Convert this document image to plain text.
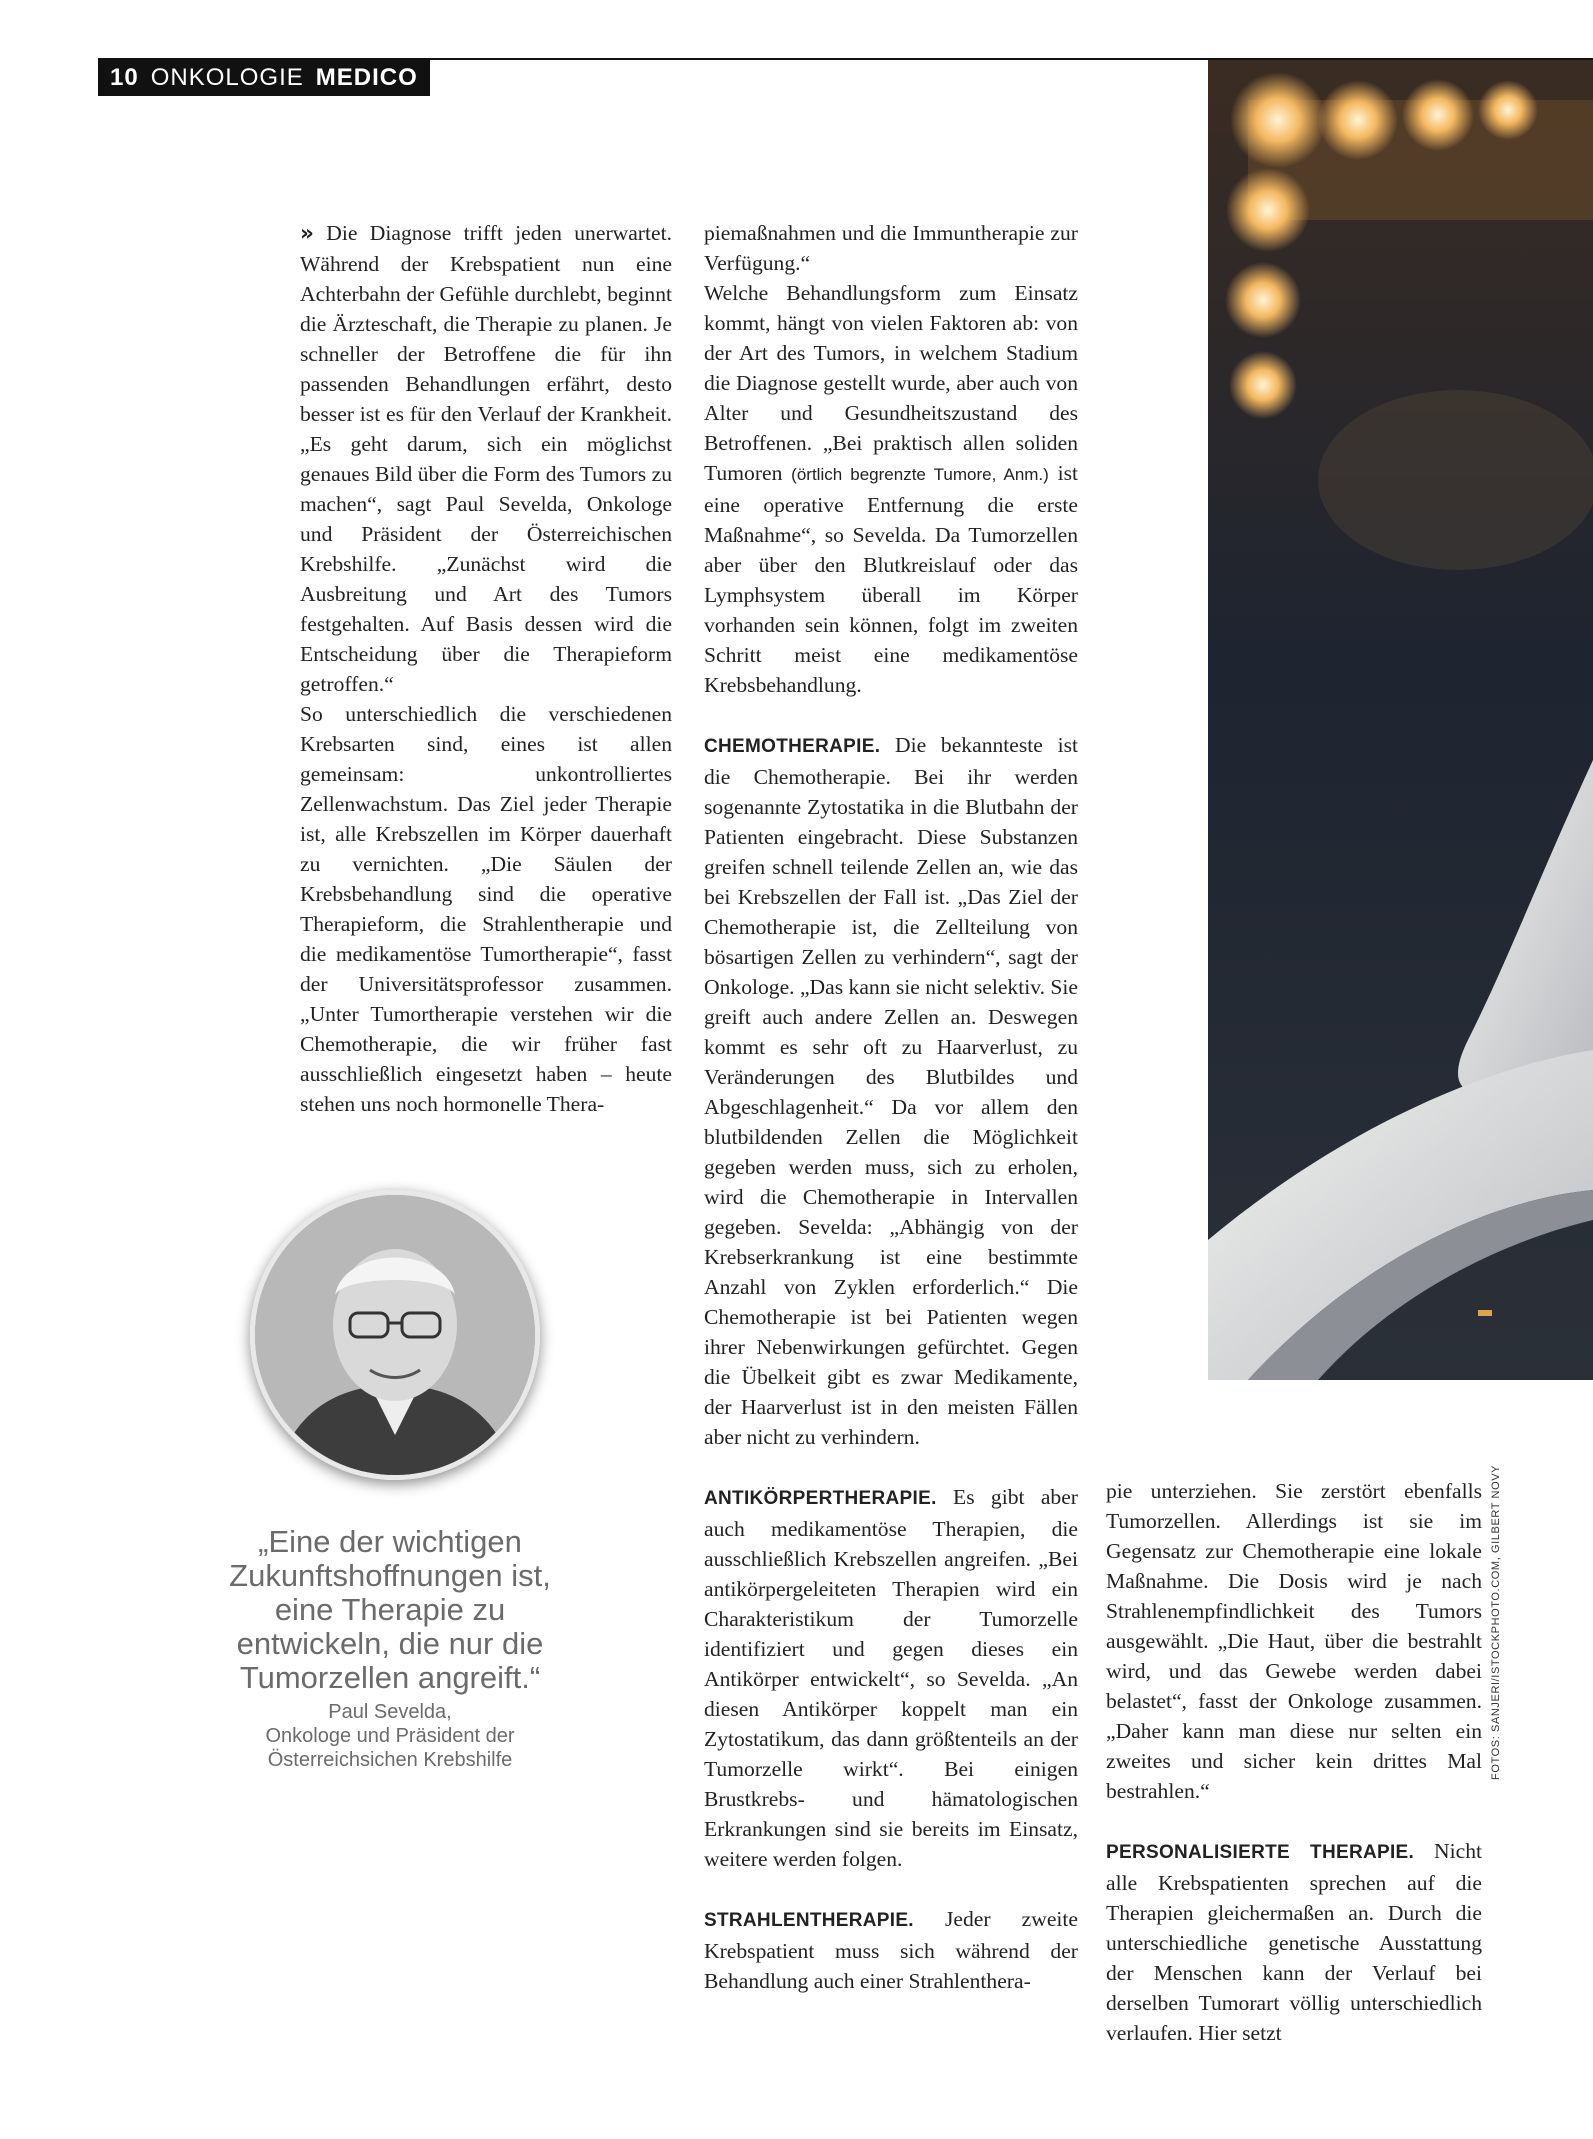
10 ONKOLOGIE MEDICO

» Die Diagnose trifft jeden unerwartet. Während der Krebspatient nun eine Achterbahn der Gefühle durchlebt, beginnt die Ärzteschaft, die Therapie zu planen. Je schneller der Betroffene die für ihn passenden Behandlungen erfährt, desto besser ist es für den Verlauf der Krankheit. „Es geht darum, sich ein möglichst genaues Bild über die Form des Tumors zu machen“, sagt Paul Sevelda, Onkologe und Präsident der Österreichischen Krebshilfe. „Zunächst wird die Ausbreitung und Art des Tumors festgehalten. Auf Basis dessen wird die Entscheidung über die Therapieform getroffen.“

So unterschiedlich die verschiedenen Krebsarten sind, eines ist allen gemeinsam: unkontrolliertes Zellenwachstum. Das Ziel jeder Therapie ist, alle Krebszellen im Körper dauerhaft zu vernichten. „Die Säulen der Krebsbehandlung sind die operative Therapieform, die Strahlentherapie und die medikamentöse Tumortherapie“, fasst der Universitätsprofessor zusammen. „Unter Tumortherapie verstehen wir die Chemotherapie, die wir früher fast ausschließlich eingesetzt haben – heute stehen uns noch hormonelle Thera-

„Eine der wichtigen Zukunftshoffnungen ist, eine Therapie zu entwickeln, die nur die Tumorzellen angreift.“
Paul Sevelda,
Onkologe und Präsident der Österreichsichen Krebshilfe

piemaßnahmen und die Immuntherapie zur Verfügung.“

Welche Behandlungsform zum Einsatz kommt, hängt von vielen Faktoren ab: von der Art des Tumors, in welchem Stadium die Diagnose gestellt wurde, aber auch von Alter und Gesundheitszustand des Betroffenen. „Bei praktisch allen soliden Tumoren (örtlich begrenzte Tumore, Anm.) ist eine operative Entfernung die erste Maßnahme“, so Sevelda. Da Tumorzellen aber über den Blutkreislauf oder das Lymphsystem überall im Körper vorhanden sein können, folgt im zweiten Schritt meist eine medikamentöse Krebsbehandlung.

CHEMOTHERAPIE. Die bekannteste ist die Chemotherapie. Bei ihr werden sogenannte Zytostatika in die Blutbahn der Patienten eingebracht. Diese Substanzen greifen schnell teilende Zellen an, wie das bei Krebszellen der Fall ist. „Das Ziel der Chemotherapie ist, die Zellteilung von bösartigen Zellen zu verhindern“, sagt der Onkologe. „Das kann sie nicht selektiv. Sie greift auch andere Zellen an. Deswegen kommt es sehr oft zu Haarverlust, zu Veränderungen des Blutbildes und Abgeschlagenheit.“ Da vor allem den blutbildenden Zellen die Möglichkeit gegeben werden muss, sich zu erholen, wird die Chemotherapie in Intervallen gegeben. Sevelda: „Abhängig von der Krebserkrankung ist eine bestimmte Anzahl von Zyklen erforderlich.“ Die Chemotherapie ist bei Patienten wegen ihrer Nebenwirkungen gefürchtet. Gegen die Übelkeit gibt es zwar Medikamente, der Haarverlust ist in den meisten Fällen aber nicht zu verhindern.

ANTIKÖRPERTHERAPIE. Es gibt aber auch medikamentöse Therapien, die ausschließlich Krebszellen angreifen. „Bei antikörpergeleiteten Therapien wird ein Charakteristikum der Tumorzelle identifiziert und gegen dieses ein Antikörper entwickelt“, so Sevelda. „An diesen Antikörper koppelt man ein Zytostatikum, das dann größtenteils an der Tumorzelle wirkt“. Bei einigen Brustkrebs- und hämatologischen Erkrankungen sind sie bereits im Einsatz, weitere werden folgen.

STRAHLENTHERAPIE. Jeder zweite Krebspatient muss sich während der Behandlung auch einer Strahlenthera-

pie unterziehen. Sie zerstört ebenfalls Tumorzellen. Allerdings ist sie im Gegensatz zur Chemotherapie eine lokale Maßnahme. Die Dosis wird je nach Strahlenempfindlichkeit des Tumors ausgewählt. „Die Haut, über die bestrahlt wird, und das Gewebe werden dabei belastet“, fasst der Onkologe zusammen. „Daher kann man diese nur selten ein zweites und sicher kein drittes Mal bestrahlen.“

PERSONALISIERTE THERAPIE. Nicht alle Krebspatienten sprechen auf die Therapien gleichermaßen an. Durch die unterschiedliche genetische Ausstattung der Menschen kann der Verlauf bei derselben Tumorart völlig unterschiedlich verlaufen. Hier setzt

FOTOS: SANJERI/ISTOCKPHOTO.COM, GILBERT NOVY
